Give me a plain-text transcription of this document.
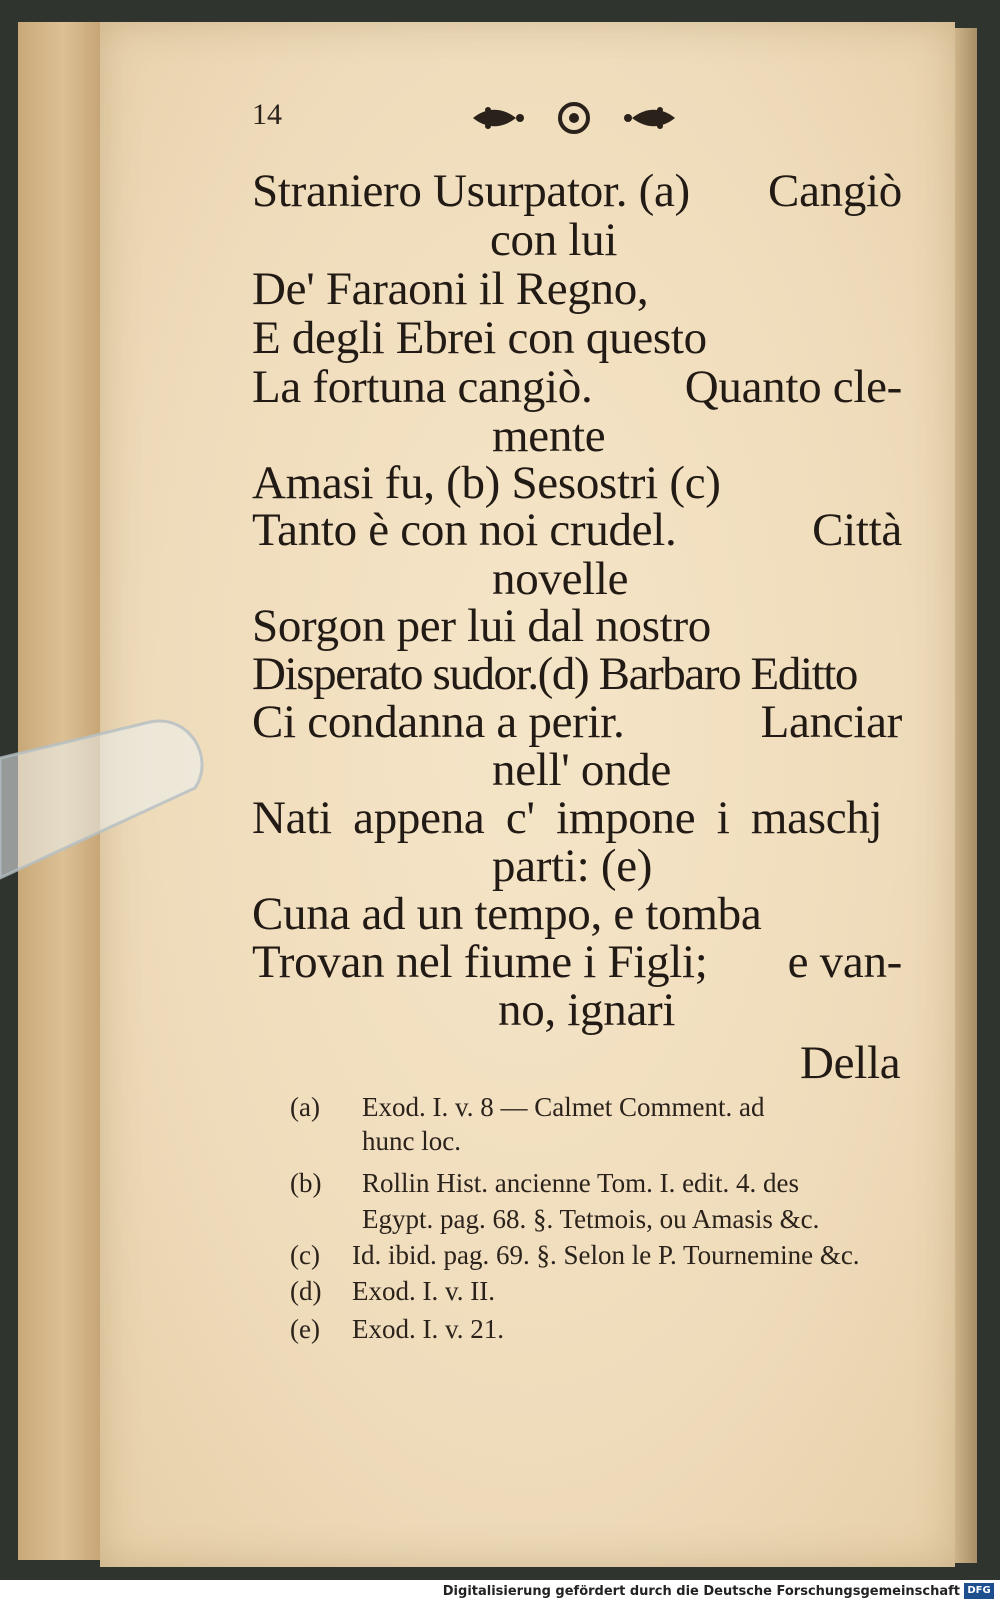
14
Straniero Usurpator. (a) Cangiò
con lui
De' Faraoni il Regno,
E degli Ebrei con questo
La fortuna cangiò. Quanto cle-
mente
Amasi fu, (b) Sesostri (c)
Tanto è con noi crudel.	Città
novelle
Sorgon per lui dal nostro
Disperato sudor.(d) Barbaro Editto
Ci condanna a perir.	Lanciar
nell' onde
Nati appena c' impone i maschj
parti: (e)
Cuna ad un tempo, e tomba
Trovan nel fiume i Figli; e van-
no, ignari
Della
(a) Exod. I. v. 8 — Calmet Comment. ad
hunc loc.
(b) Rollin Hist. ancienne Tom. I. edit. 4. des
Egypt. pag. 68. §. Tetmois, ou Amasis &c.
(c) Id. ibid. pag. 69. §. Selon le P. Tournemine &c.
(d) Exod. I. v. II.
(e) Exod. I. v. 21.
Digitalisierung gefördert durch die Deutsche Forschungsgemeinschaft DFG
